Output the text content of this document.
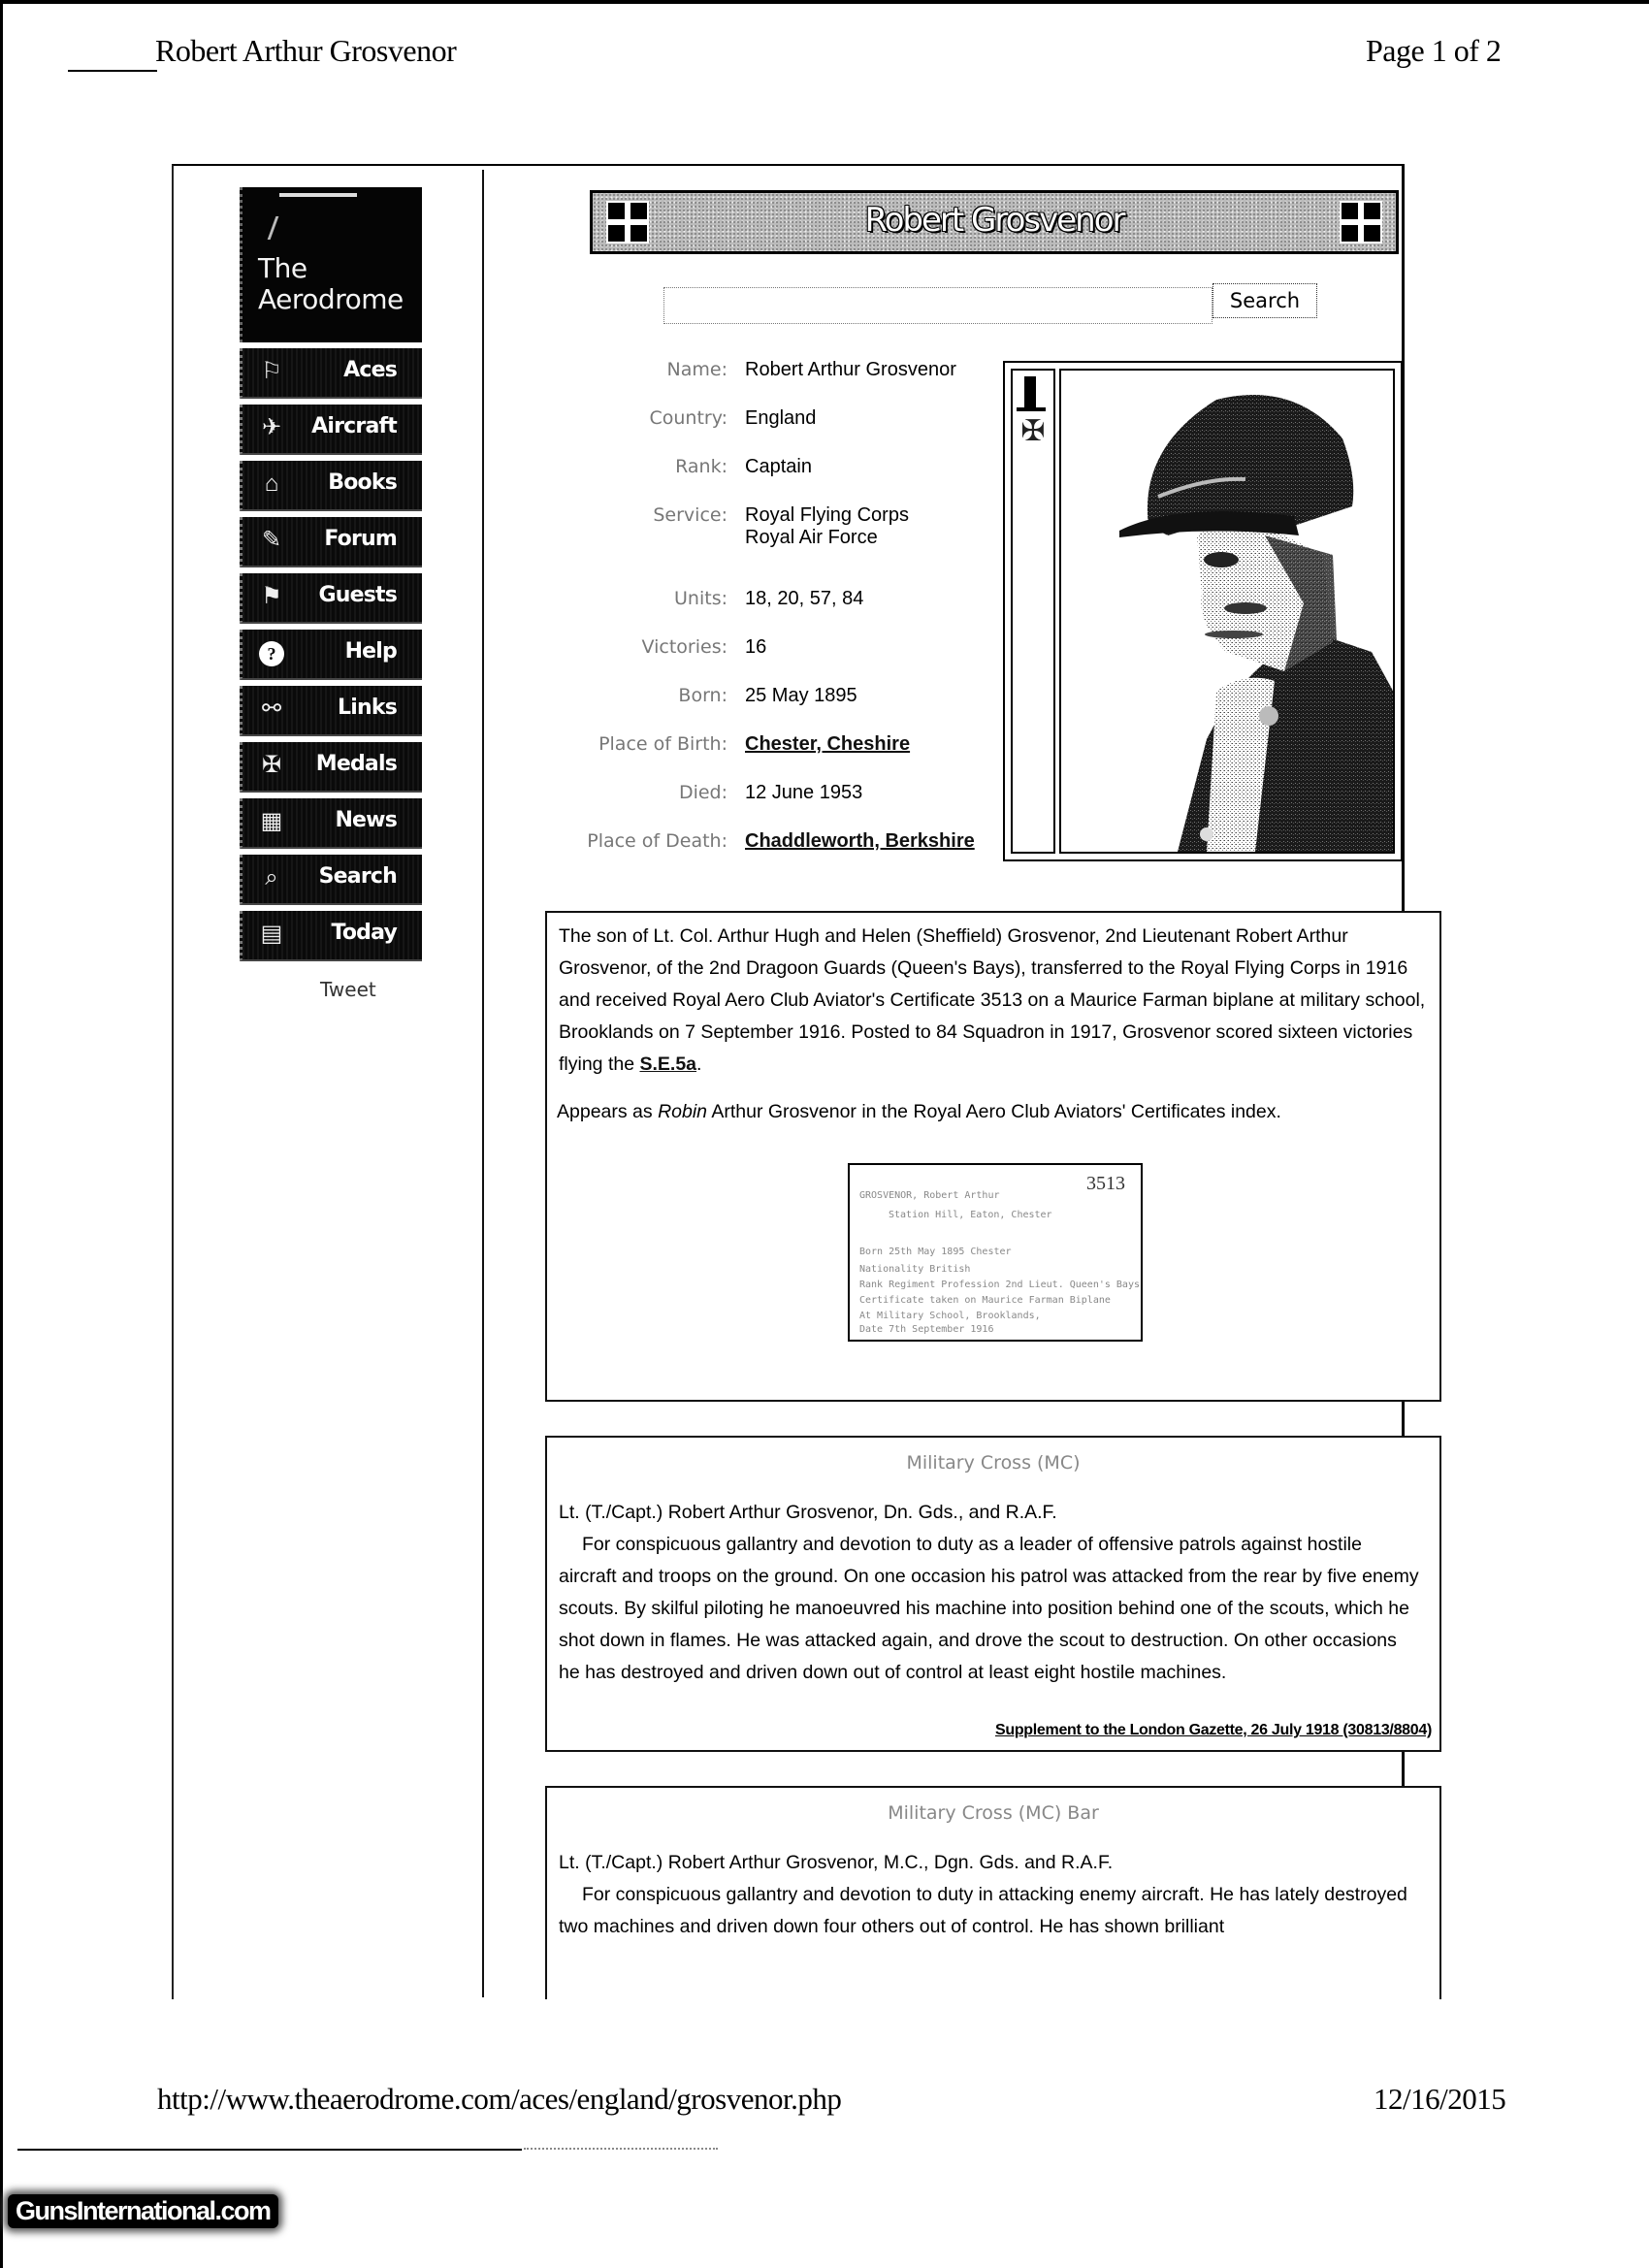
Robert Arthur Grosvenor	Page 1 of 2
The
Aerodrome
⚐	Aces
✈	Aircraft
⌂	Books
✎	Forum
⚑	Guests
?	Help
⚯	Links
✠	Medals
▦	News
⌕	Search
▤	Today
Tweet
Robert Grosvenor
Search
Name: Robert Arthur Grosvenor
Country: England
Rank: Captain
Service: Royal Flying Corps
Royal Air Force
Units: 18, 20, 57, 84
Victories: 16
Born: 25 May 1895
Place of Birth: Chester, Cheshire
Died: 12 June 1953
Place of Death: Chaddleworth, Berkshire
✠
The son of Lt. Col. Arthur Hugh and Helen (Sheffield) Grosvenor, 2nd Lieutenant Robert Arthur Grosvenor, of the 2nd Dragoon Guards (Queen's Bays), transferred to the Royal Flying Corps in 1916 and received Royal Aero Club Aviator's Certificate 3513 on a Maurice Farman biplane at military school, Brooklands on 7 September 1916. Posted to 84 Squadron in 1917, Grosvenor scored sixteen victories flying the S.E.5a.
Appears as Robin Arthur Grosvenor in the Royal Aero Club Aviators' Certificates index.
3513
GROSVENOR, Robert Arthur
Station Hill, Eaton, Chester
Born 25th May 1895 Chester
Nationality British
Rank Regiment Profession 2nd Lieut. Queen's Bays
Certificate taken on Maurice Farman Biplane
At Military School, Brooklands,
Date 7th September 1916
Military Cross (MC)
Lt. (T./Capt.) Robert Arthur Grosvenor, Dn. Gds., and R.A.F.
For conspicuous gallantry and devotion to duty as a leader of offensive patrols against hostile aircraft and troops on the ground. On one occasion his patrol was attacked from the rear by five enemy scouts. By skilful piloting he manoeuvred his machine into position behind one of the scouts, which he shot down in flames. He was attacked again, and drove the scout to destruction. On other occasions he has destroyed and driven down out of control at least eight hostile machines.
Supplement to the London Gazette, 26 July 1918 (30813/8804)
Military Cross (MC) Bar
Lt. (T./Capt.) Robert Arthur Grosvenor, M.C., Dgn. Gds. and R.A.F.
For conspicuous gallantry and devotion to duty in attacking enemy aircraft. He has lately destroyed two machines and driven down four others out of control. He has shown brilliant
http://www.theaerodrome.com/aces/england/grosvenor.php	12/16/2015
GunsInternational.com
